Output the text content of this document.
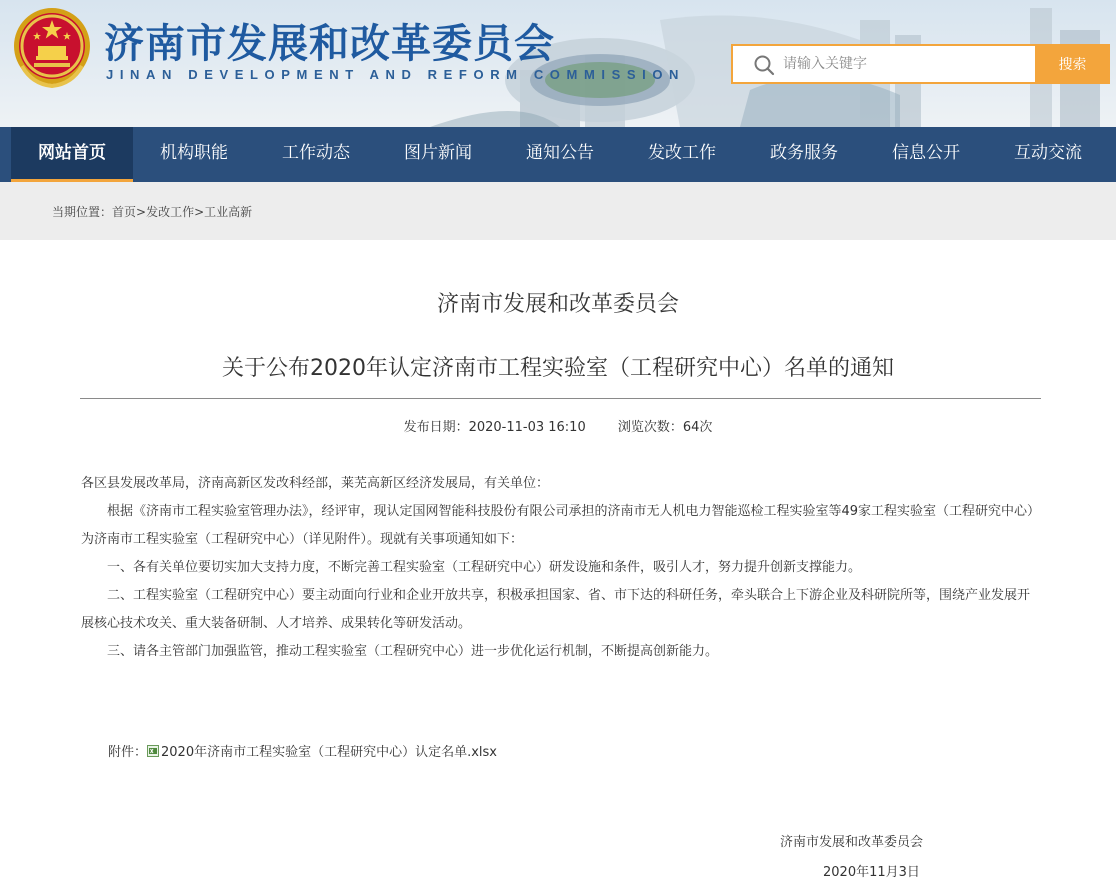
济南市发展和改革委员会
JINAN DEVELOPMENT AND REFORM COMMISSION
请输入关键字
搜索
网站首页	机构职能	工作动态	图片新闻	通知公告	发改工作	政务服务	信息公开	互动交流
当期位置：首页>发改工作>工业高新
济南市发展和改革委员会
关于公布2020年认定济南市工程实验室（工程研究中心）名单的通知
发布日期：2020-11-03 16:10 浏览次数：64次

各区县发展改革局，济南高新区发改科经部，莱芜高新区经济发展局，有关单位：

根据《济南市工程实验室管理办法》，经评审，现认定国网智能科技股份有限公司承担的济南市无人机电力智能巡检工程实验室等49家工程实验室（工程研究中心）为济南市工程实验室（工程研究中心）（详见附件）。现就有关事项通知如下：

一、各有关单位要切实加大支持力度，不断完善工程实验室（工程研究中心）研发设施和条件，吸引人才，努力提升创新支撑能力。

二、工程实验室（工程研究中心）要主动面向行业和企业开放共享，积极承担国家、省、市下达的科研任务，牵头联合上下游企业及科研院所等，围绕产业发展开展核心技术攻关、重大装备研制、人才培养、成果转化等研发活动。

三、请各主管部门加强监管，推动工程实验室（工程研究中心）进一步优化运行机制，不断提高创新能力。

附件： 2020年济南市工程实验室（工程研究中心）认定名单.xlsx
济南市发展和改革委员会
2020年11月3日
